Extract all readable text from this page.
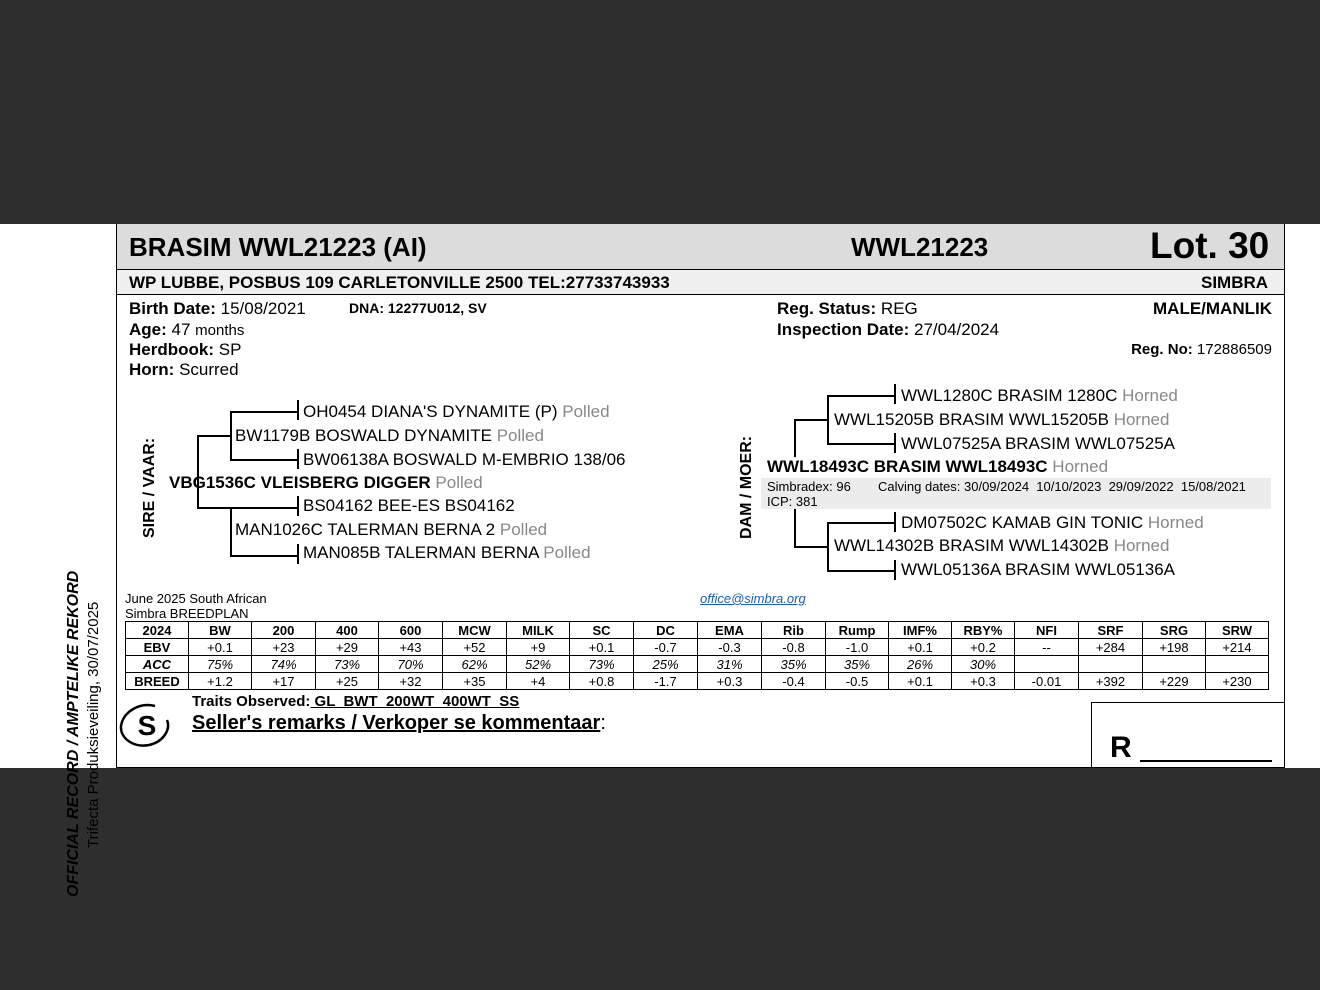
OFFICIAL RECORD / AMPTELIKE REKORD Trifecta Produksieveiling, 30/07/2025
BRASIM WWL21223 (AI)	WWL21223	Lot. 30
WP LUBBE, POSBUS 109 CARLETONVILLE 2500 TEL:27733743933	SIMBRA
Birth Date: 15/08/2021	DNA: 12277U012, SV
Age: 47 months
Herdbook: SP
Horn: Scurred
Reg. Status: REG
Inspection Date: 27/04/2024
MALE/MANLIK
Reg. No: 172886509
SIRE / VAAR:
OH0454 DIANA'S DYNAMITE (P) Polled
BW1179B BOSWALD DYNAMITE Polled
BW06138A BOSWALD M-EMBRIO 138/06
VBG1536C VLEISBERG DIGGER Polled
BS04162 BEE-ES BS04162
MAN1026C TALERMAN BERNA 2 Polled
MAN085B TALERMAN BERNA Polled
DAM / MOER:
WWL1280C BRASIM 1280C Horned
WWL15205B BRASIM WWL15205B Horned
WWL07525A BRASIM WWL07525A
WWL18493C BRASIM WWL18493C Horned
Simbradex: 96 Calving dates: 30/09/2024  10/10/2023  29/09/2022  15/08/2021
ICP: 381
DM07502C KAMAB GIN TONIC Horned
WWL14302B BRASIM WWL14302B Horned
WWL05136A BRASIM WWL05136A
June 2025 South African
Simbra BREEDPLAN
office@simbra.org
2024	BW	200	400	600	MCW	MILK	SC	DC	EMA	Rib	Rump	IMF%	RBY%	NFI	SRF	SRG	SRW
EBV	+0.1	+23	+29	+43	+52	+9	+0.1	-0.7	-0.3	-0.8	-1.0	+0.1	+0.2	--	+284	+198	+214
ACC	75%	74%	73%	70%	62%	52%	73%	25%	31%	35%	35%	26%	30%				
BREED	+1.2	+17	+25	+32	+35	+4	+0.8	-1.7	+0.3	-0.4	-0.5	+0.1	+0.3	-0.01	+392	+229	+230
S
Traits Observed: GL  BWT  200WT  400WT  SS
Seller's remarks / Verkoper se kommentaar:
R
